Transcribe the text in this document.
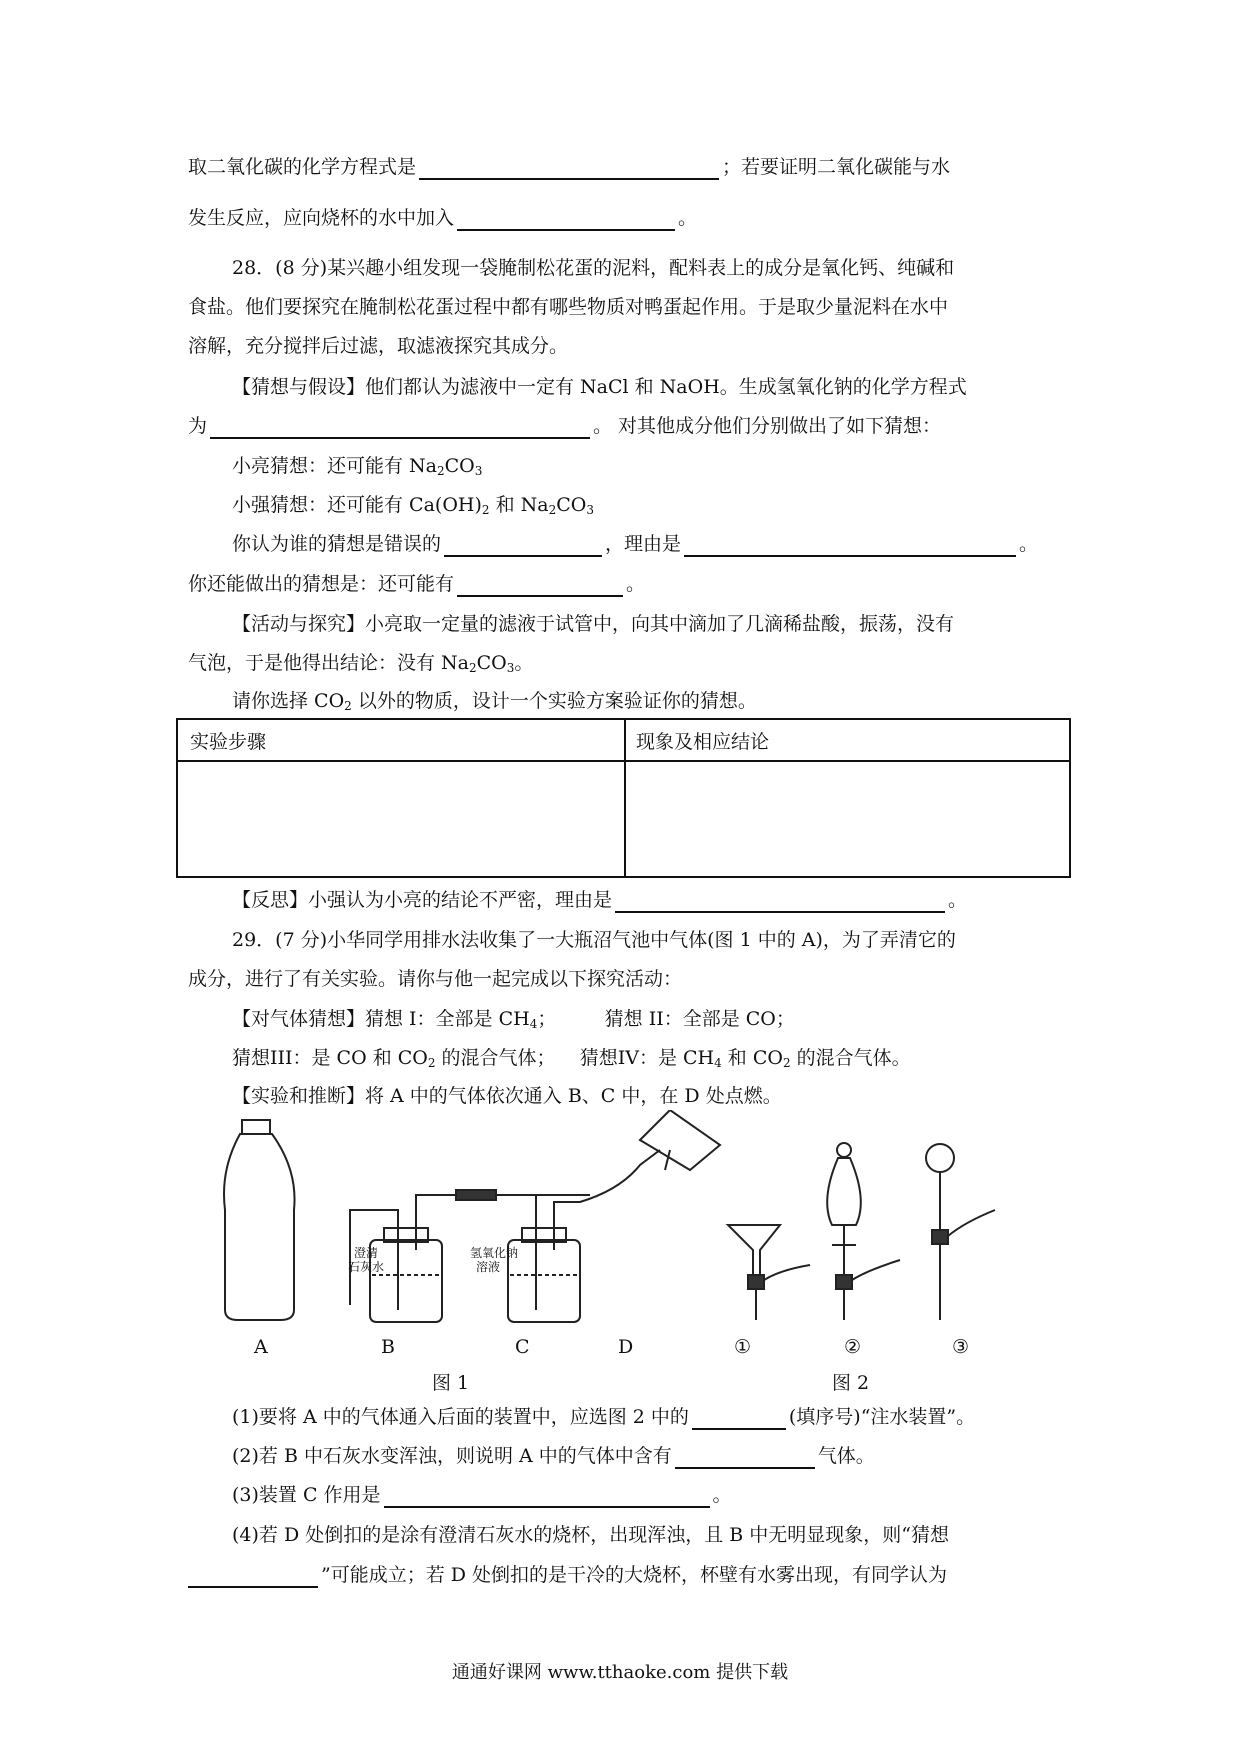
取二氧化碳的化学方程式是	；若要证明二氧化碳能与水
发生反应，应向烧杯的水中加入	。
28．(8 分)某兴趣小组发现一袋腌制松花蛋的泥料，配料表上的成分是氧化钙、纯碱和
食盐。他们要探究在腌制松花蛋过程中都有哪些物质对鸭蛋起作用。于是取少量泥料在水中
溶解，充分搅拌后过滤，取滤液探究其成分。
【猜想与假设】他们都认为滤液中一定有 NaCl 和 NaOH。生成氢氧化钠的化学方程式
为	。 对其他成分他们分别做出了如下猜想：
小亮猜想：还可能有 $Na_2CO_3$
小强猜想：还可能有 $Ca(OH)_2$ 和 $Na_2CO_3$
你认为谁的猜想是错误的	，理由是	。
你还能做出的猜想是：还可能有	。
【活动与探究】小亮取一定量的滤液于试管中，向其中滴加了几滴稀盐酸，振荡，没有
气泡，于是他得出结论：没有 $Na_2CO_3$。
请你选择 $CO_2$ 以外的物质，设计一个实验方案验证你的猜想。
实验步骤	现象及相应结论
【反思】小强认为小亮的结论不严密，理由是	。
29．(7 分)小华同学用排水法收集了一大瓶沼气池中气体(图 1 中的 A)，为了弄清它的
成分，进行了有关实验。请你与他一起完成以下探究活动：
【对气体猜想】猜想 I：全部是 $CH_4$；        猜想 II：全部是 CO；
猜想III：是 CO 和 $CO_2$ 的混合气体；    猜想IV：是 $CH_4$ 和 $CO_2$ 的混合气体。
【实验和推断】将 A 中的气体依次通入 B、C 中，在 D 处点燃。
澄清
石灰水
氢氧化钠
溶液
A	B	C	D	①	②	③
图 1	图 2
(1)要将 A 中的气体通入后面的装置中，应选图 2 中的	(填序号)“注水装置”。
(2)若 B 中石灰水变浑浊，则说明 A 中的气体中含有	气体。
(3)装置 C 作用是	。
(4)若 D 处倒扣的是涂有澄清石灰水的烧杯，出现浑浊，且 B 中无明显现象，则“猜想
”可能成立；若 D 处倒扣的是干冷的大烧杯，杯壁有水雾出现，有同学认为
通通好课网 www.tthaoke.com 提供下载
